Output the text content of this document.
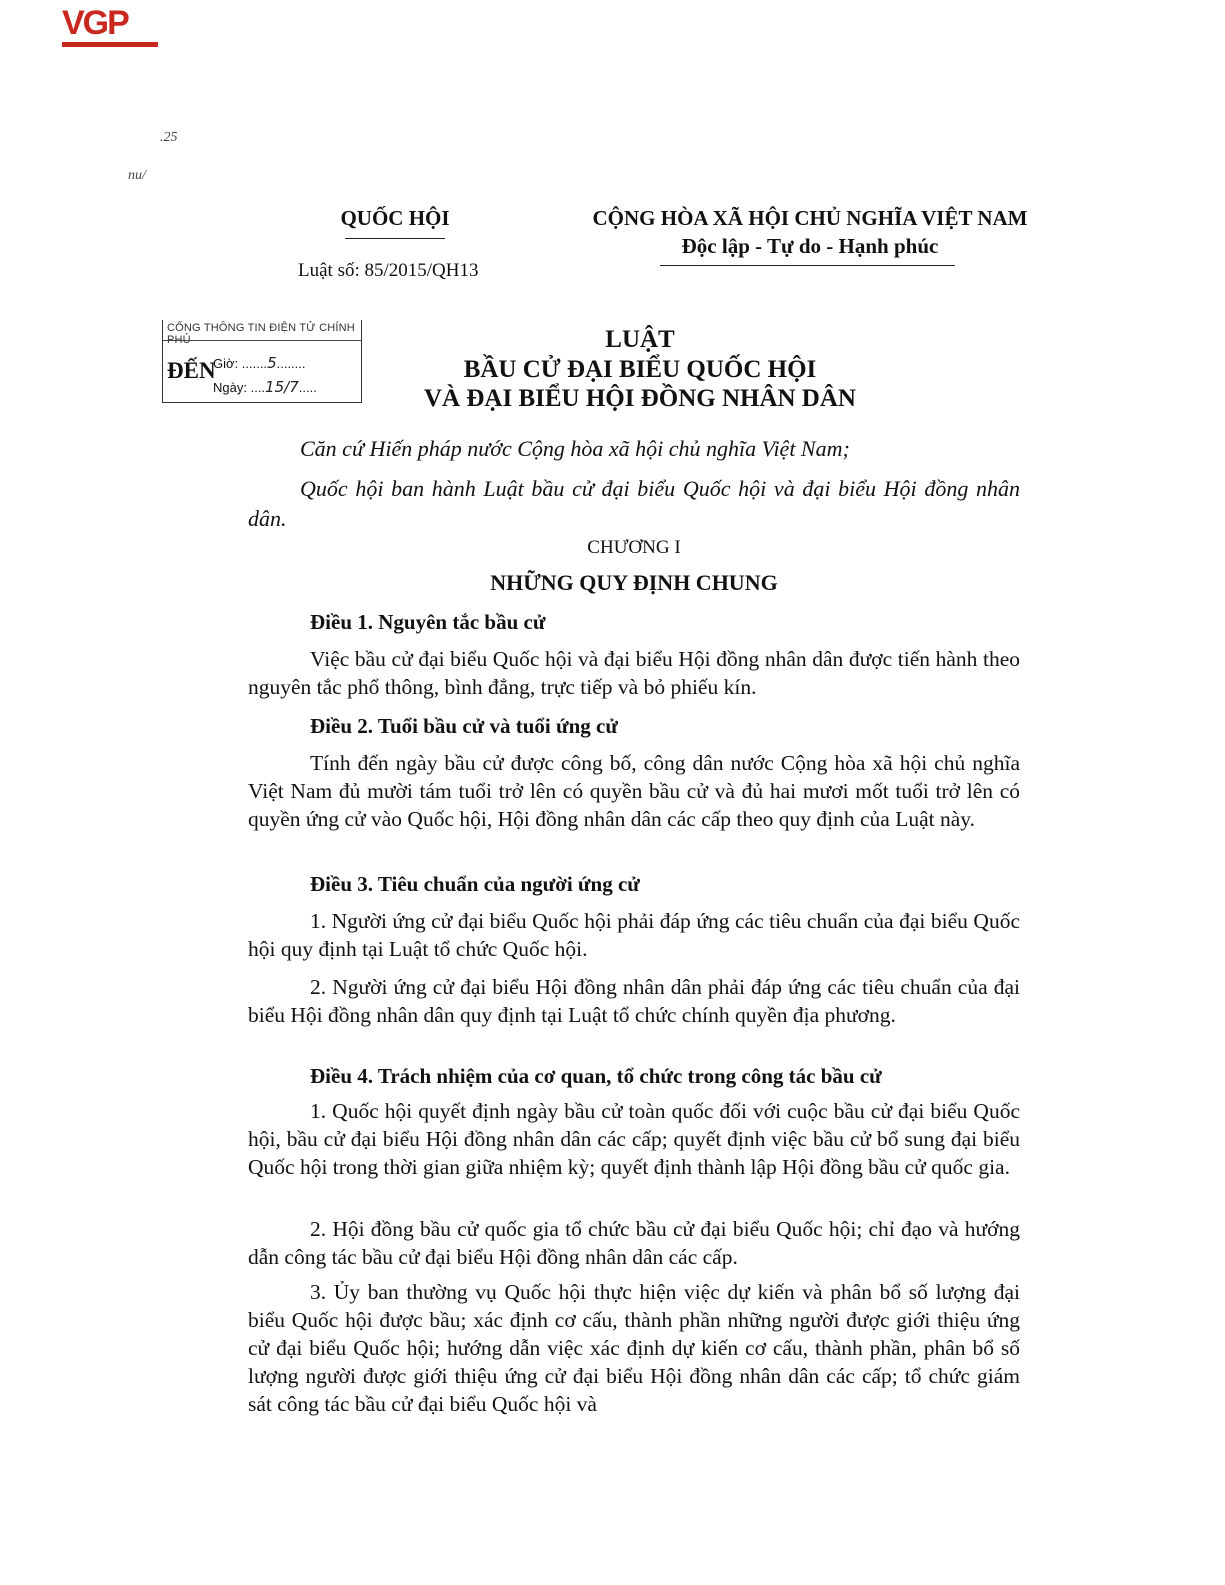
VGP
.25
nu/
QUỐC HỘI
Luật số: 85/2015/QH13
CỘNG HÒA XÃ HỘI CHỦ NGHĨA VIỆT NAM
Độc lập - Tự do - Hạnh phúc
CỔNG THÔNG TIN ĐIỆN TỬ CHÍNH PHỦ
ĐẾN
Giờ: .......5........
Ngày: ....15/7.....
LUẬT
BẦU CỬ ĐẠI BIỂU QUỐC HỘI
VÀ ĐẠI BIỂU HỘI ĐỒNG NHÂN DÂN
Căn cứ Hiến pháp nước Cộng hòa xã hội chủ nghĩa Việt Nam;
Quốc hội ban hành Luật bầu cử đại biểu Quốc hội và đại biểu Hội đồng nhân dân.
CHƯƠNG I
NHỮNG QUY ĐỊNH CHUNG
Điều 1. Nguyên tắc bầu cử
Việc bầu cử đại biểu Quốc hội và đại biểu Hội đồng nhân dân được tiến hành theo nguyên tắc phổ thông, bình đẳng, trực tiếp và bỏ phiếu kín.
Điều 2. Tuổi bầu cử và tuổi ứng cử
Tính đến ngày bầu cử được công bố, công dân nước Cộng hòa xã hội chủ nghĩa Việt Nam đủ mười tám tuổi trở lên có quyền bầu cử và đủ hai mươi mốt tuổi trở lên có quyền ứng cử vào Quốc hội, Hội đồng nhân dân các cấp theo quy định của Luật này.
Điều 3. Tiêu chuẩn của người ứng cử
1. Người ứng cử đại biểu Quốc hội phải đáp ứng các tiêu chuẩn của đại biểu Quốc hội quy định tại Luật tổ chức Quốc hội.
2. Người ứng cử đại biểu Hội đồng nhân dân phải đáp ứng các tiêu chuẩn của đại biểu Hội đồng nhân dân quy định tại Luật tổ chức chính quyền địa phương.
Điều 4. Trách nhiệm của cơ quan, tổ chức trong công tác bầu cử
1. Quốc hội quyết định ngày bầu cử toàn quốc đối với cuộc bầu cử đại biểu Quốc hội, bầu cử đại biểu Hội đồng nhân dân các cấp; quyết định việc bầu cử bổ sung đại biểu Quốc hội trong thời gian giữa nhiệm kỳ; quyết định thành lập Hội đồng bầu cử quốc gia.
2. Hội đồng bầu cử quốc gia tổ chức bầu cử đại biểu Quốc hội; chỉ đạo và hướng dẫn công tác bầu cử đại biểu Hội đồng nhân dân các cấp.
3. Ủy ban thường vụ Quốc hội thực hiện việc dự kiến và phân bổ số lượng đại biểu Quốc hội được bầu; xác định cơ cấu, thành phần những người được giới thiệu ứng cử đại biểu Quốc hội; hướng dẫn việc xác định dự kiến cơ cấu, thành phần, phân bổ số lượng người được giới thiệu ứng cử đại biểu Hội đồng nhân dân các cấp; tổ chức giám sát công tác bầu cử đại biểu Quốc hội và
